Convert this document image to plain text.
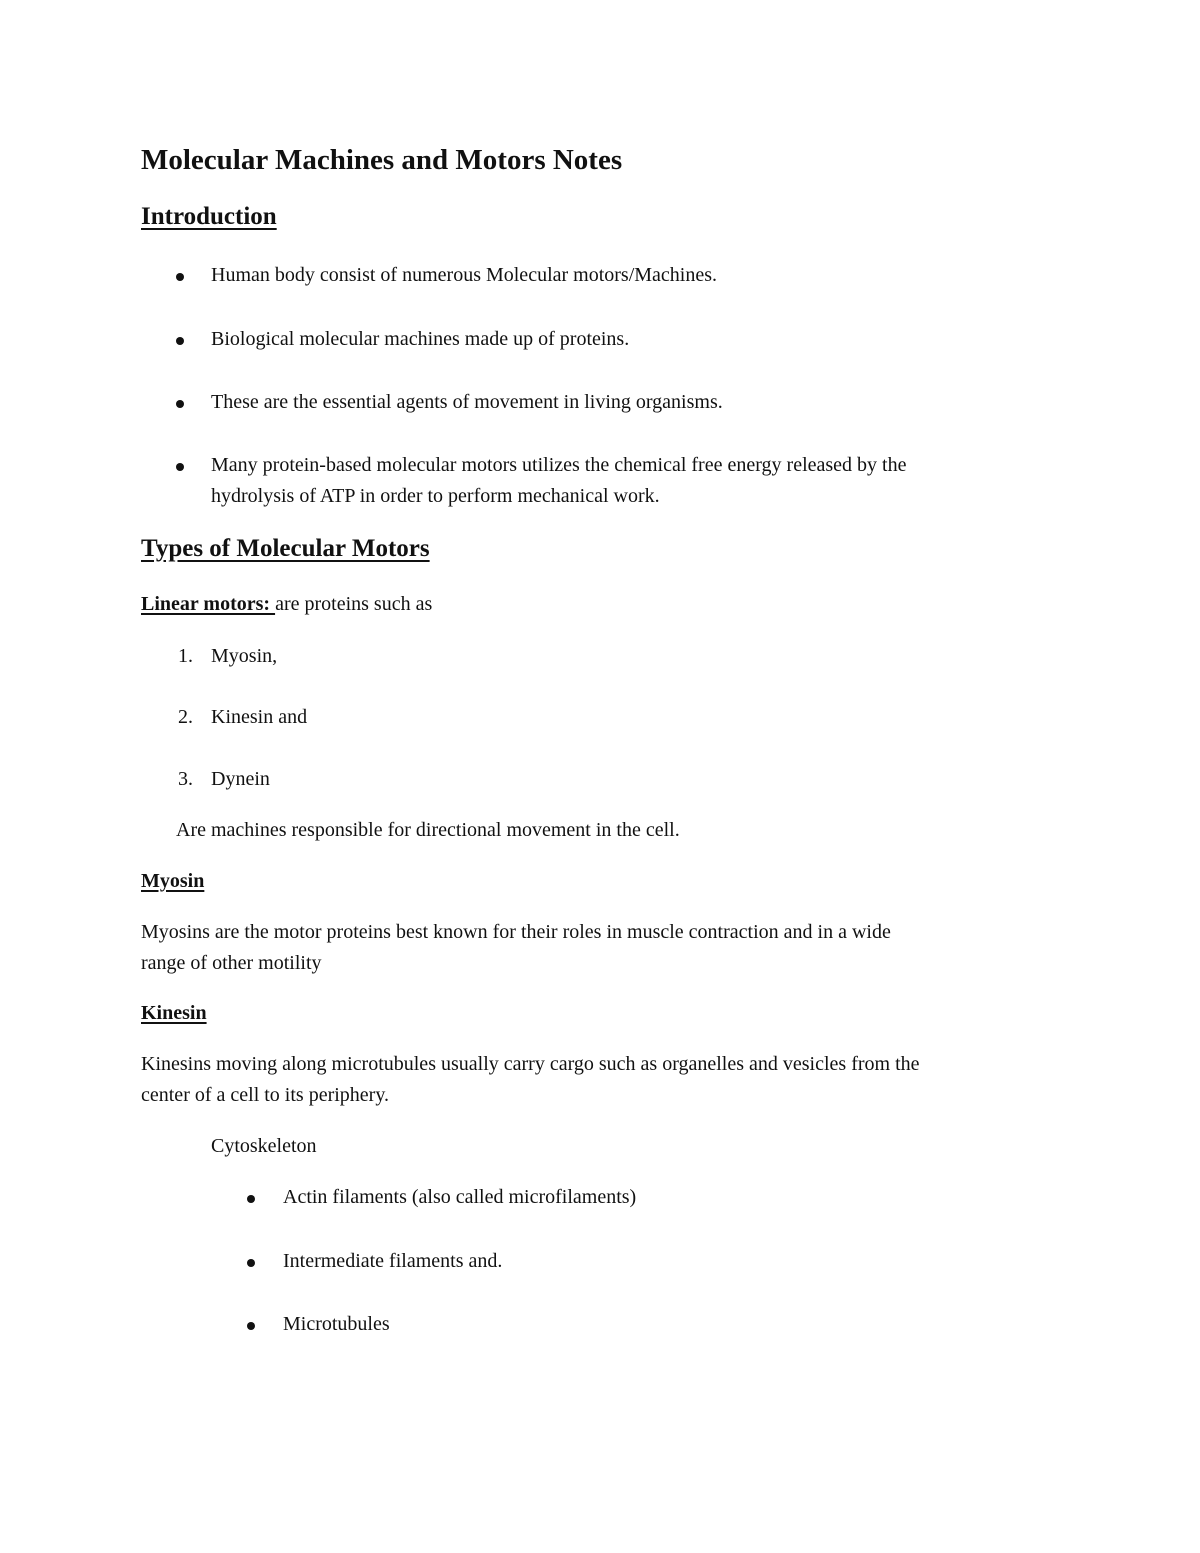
Molecular Machines and Motors Notes
Introduction
Human body consist of numerous Molecular motors/Machines.
Biological molecular machines made up of proteins.
These are the essential agents of movement in living organisms.
Many protein-based molecular motors utilizes the chemical free energy released by the
hydrolysis of ATP in order to perform mechanical work.
Types of Molecular Motors
Linear motors: are proteins such as
1. Myosin,
2. Kinesin and
3. Dynein
Are machines responsible for directional movement in the cell.
Myosin
Myosins are the motor proteins best known for their roles in muscle contraction and in a wide
range of other motility
Kinesin
Kinesins moving along microtubules usually carry cargo such as organelles and vesicles from the
center of a cell to its periphery.
Cytoskeleton
Actin filaments (also called microfilaments)
Intermediate filaments and.
Microtubules
